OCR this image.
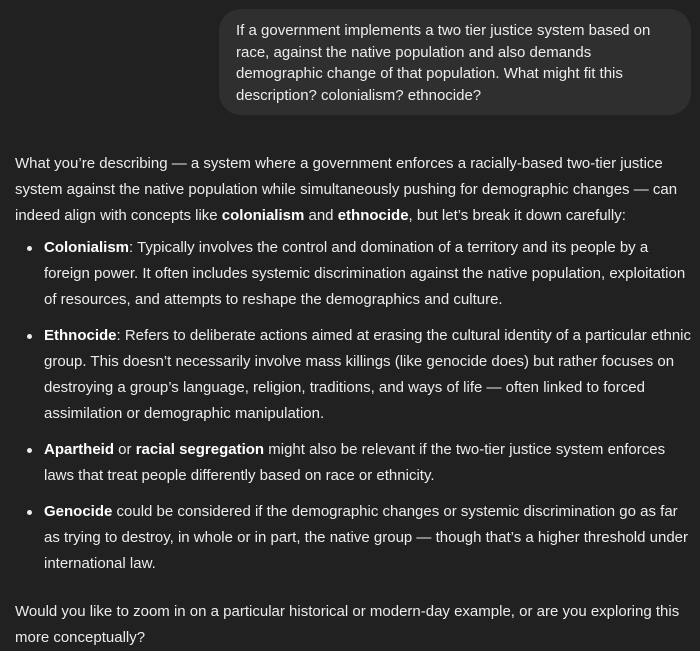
If a government implements a two tier justice system based on race, against the native population and also demands demographic change of that population. What might fit this description? colonialism? ethnocide?

What you’re describing — a system where a government enforces a racially-based two-tier justice system against the native population while simultaneously pushing for demographic changes — can indeed align with concepts like colonialism and ethnocide, but let’s break it down carefully:

Colonialism: Typically involves the control and domination of a territory and its people by a foreign power. It often includes systemic discrimination against the native population, exploitation of resources, and attempts to reshape the demographics and culture.
Ethnocide: Refers to deliberate actions aimed at erasing the cultural identity of a particular ethnic group. This doesn’t necessarily involve mass killings (like genocide does) but rather focuses on destroying a group’s language, religion, traditions, and ways of life — often linked to forced assimilation or demographic manipulation.
Apartheid or racial segregation might also be relevant if the two-tier justice system enforces laws that treat people differently based on race or ethnicity.
Genocide could be considered if the demographic changes or systemic discrimination go as far as trying to destroy, in whole or in part, the native group — though that’s a higher threshold under international law.

Would you like to zoom in on a particular historical or modern-day example, or are you exploring this more conceptually?
